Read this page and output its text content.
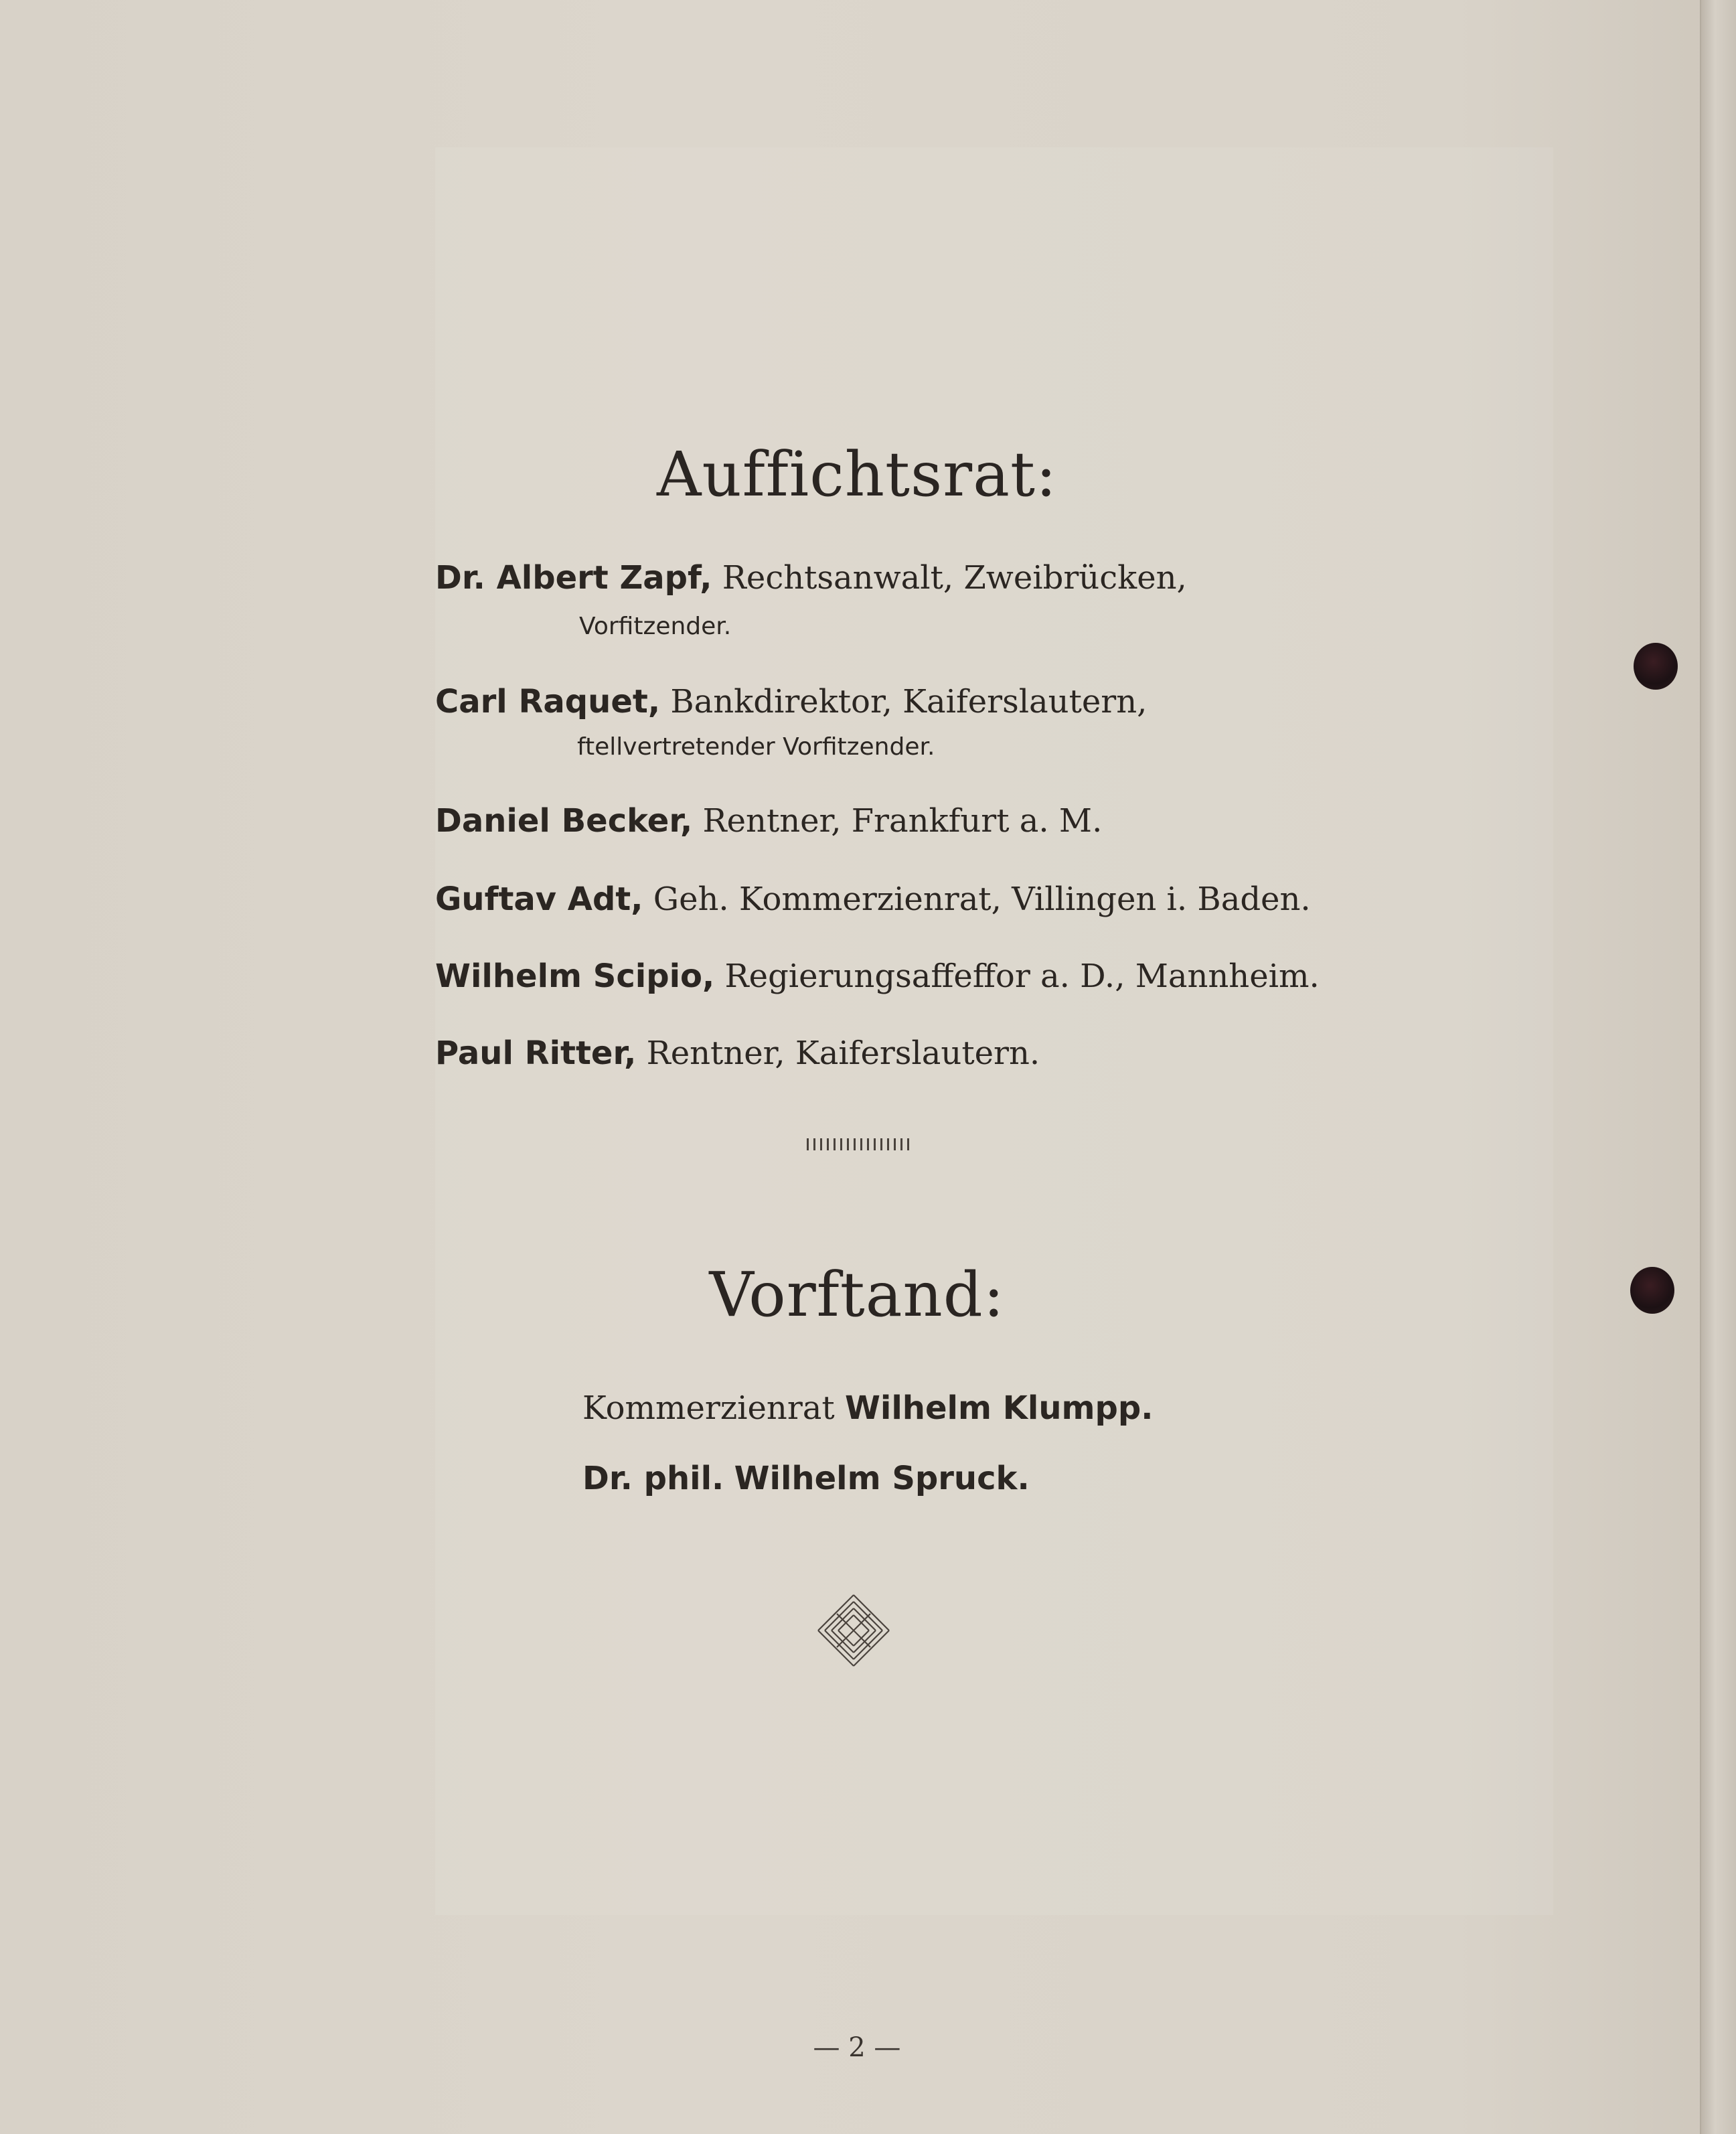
Auffichtsrat:
Dr. Albert Zapf, Rechtsanwalt, Zweibrücken,
Vorfitzender.
Carl Raquet, Bankdirektor, Kaiferslautern,
ftellvertretender Vorfitzender.
Daniel Becker, Rentner, Frankfurt a. M.
Guftav Adt, Geh. Kommerzienrat, Villingen i. Baden.
Wilhelm Scipio, Regierungsaffeffor a. D., Mannheim.
Paul Ritter, Rentner, Kaiferslautern.
Vorftand:
Kommerzienrat Wilhelm Klumpp.
Dr. phil. Wilhelm Spruck.
— 2 —
